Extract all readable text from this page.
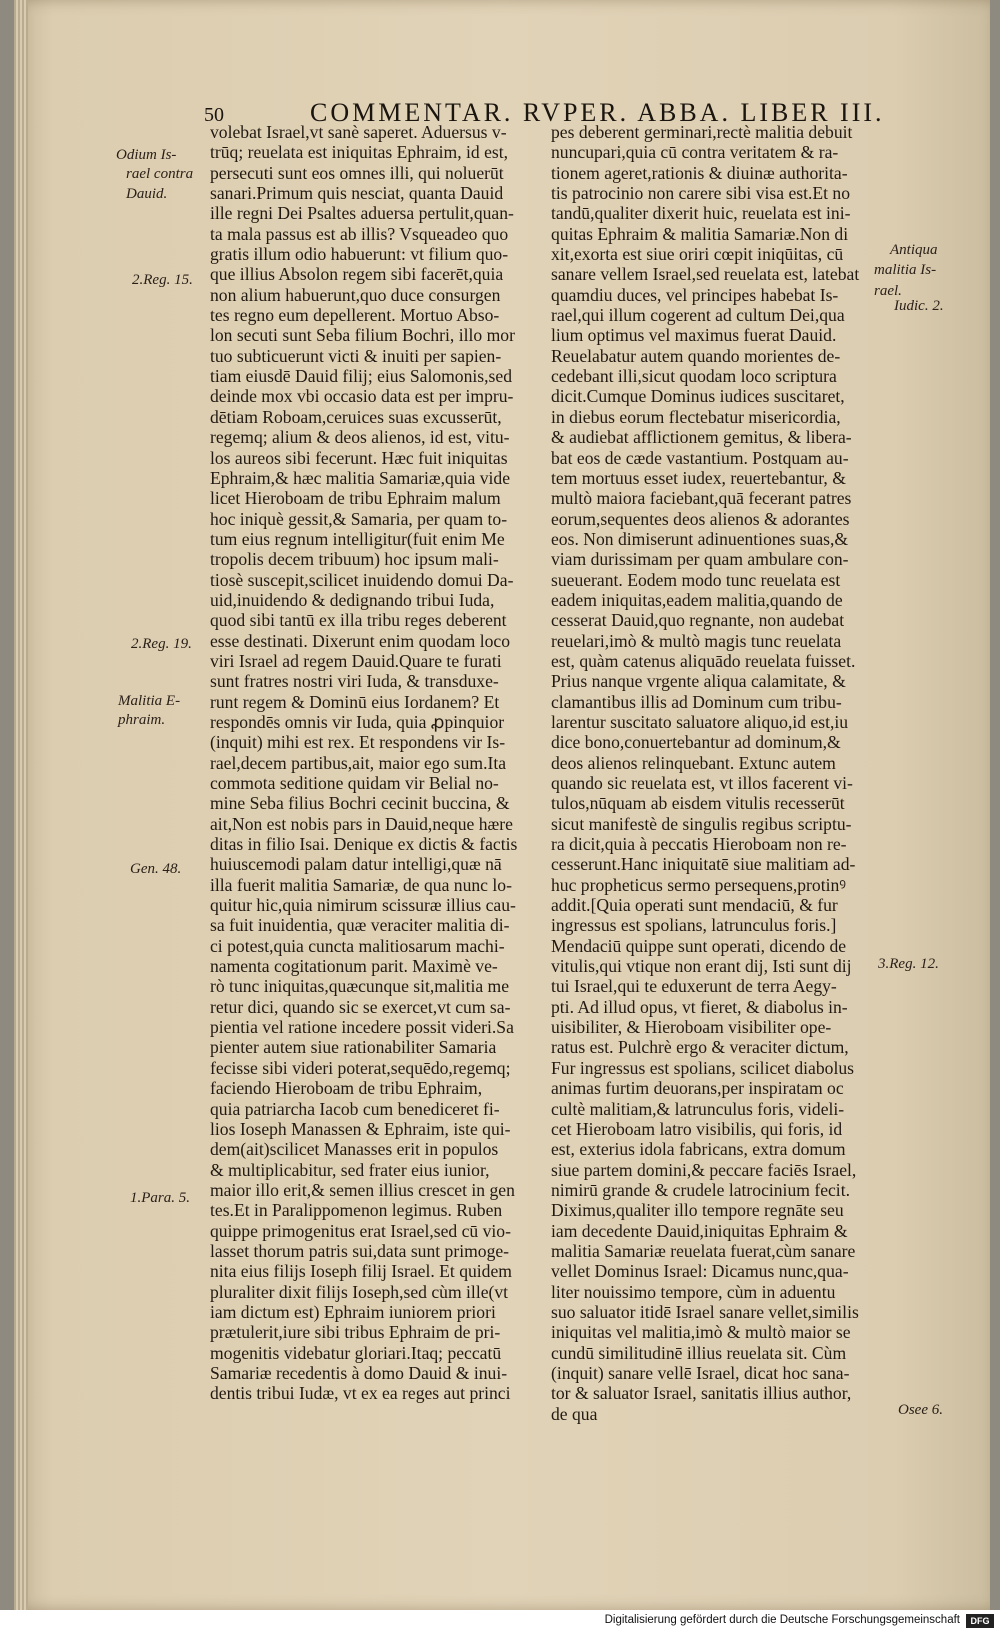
50	COMMENTAR. RVPER. ABBA. LIBER III.
volebat Israel,vt sanè saperet. Aduersus v-
trūq; reuelata est iniquitas Ephraim, id est,
persecuti sunt eos omnes illi, qui noluerūt
sanari.Primum quis nesciat, quanta Dauid
ille regni Dei Psaltes aduersa pertulit,quan-
ta mala passus est ab illis? Vsqueadeo quo
gratis illum odio habuerunt: vt filium quo-
que illius Absolon regem sibi facerēt,quia
non alium habuerunt,quo duce consurgen
tes regno eum depellerent. Mortuo Abso-
lon secuti sunt Seba filium Bochri, illo mor
tuo subticuerunt victi & inuiti per sapien-
tiam eiusdē Dauid filij; eius Salomonis,sed
deinde mox vbi occasio data est per impru-
dētiam Roboam,ceruices suas excusserūt,
regemq; alium & deos alienos, id est, vitu-
los aureos sibi fecerunt. Hæc fuit iniquitas
Ephraim,& hæc malitia Samariæ,quia vide
licet Hieroboam de tribu Ephraim malum
hoc iniquè gessit,& Samaria, per quam to-
tum eius regnum intelligitur(fuit enim Me
tropolis decem tribuum) hoc ipsum mali-
tiosè suscepit,scilicet inuidendo domui Da-
uid,inuidendo & dedignando tribui Iuda,
quod sibi tantū ex illa tribu reges deberent
esse destinati. Dixerunt enim quodam loco
viri Israel ad regem Dauid.Quare te furati
sunt fratres nostri viri Iuda, & transduxe-
runt regem & Dominū eius Iordanem? Et
respondēs omnis vir Iuda, quia ꝓpinquior
(inquit) mihi est rex. Et respondens vir Is-
rael,decem partibus,ait, maior ego sum.Ita
commota seditione quidam vir Belial no-
mine Seba filius Bochri cecinit buccina, &
ait,Non est nobis pars in Dauid,neque hære
ditas in filio Isai. Denique ex dictis & factis
huiuscemodi palam datur intelligi,quæ nā
illa fuerit malitia Samariæ, de qua nunc lo-
quitur hic,quia nimirum scissuræ illius cau-
sa fuit inuidentia, quæ veraciter malitia di-
ci potest,quia cuncta malitiosarum machi-
namenta cogitationum parit. Maximè ve-
rò tunc iniquitas,quæcunque sit,malitia me
retur dici, quando sic se exercet,vt cum sa-
pientia vel ratione incedere possit videri.Sa
pienter autem siue rationabiliter Samaria
fecisse sibi videri poterat,sequēdo,regemq;
faciendo Hieroboam de tribu Ephraim,
quia patriarcha Iacob cum benediceret fi-
lios Ioseph Manassen & Ephraim, iste qui-
dem(ait)scilicet Manasses erit in populos
& multiplicabitur, sed frater eius iunior,
maior illo erit,& semen illius crescet in gen
tes.Et in Paralippomenon legimus. Ruben
quippe primogenitus erat Israel,sed cū vio-
lasset thorum patris sui,data sunt primoge-
nita eius filijs Ioseph filij Israel. Et quidem
pluraliter dixit filijs Ioseph,sed cùm ille(vt
iam dictum est) Ephraim iuniorem priori
prætulerit,iure sibi tribus Ephraim de pri-
mogenitis videbatur gloriari.Itaq; peccatū
Samariæ recedentis à domo Dauid & inui-
dentis tribui Iudæ, vt ex ea reges aut princi
pes deberent germinari,rectè malitia debuit
nuncupari,quia cū contra veritatem & ra-
tionem ageret,rationis & diuinæ authorita-
tis patrocinio non carere sibi visa est.Et no
tandū,qualiter dixerit huic, reuelata est ini-
quitas Ephraim & malitia Samariæ.Non di
xit,exorta est siue oriri cœpit iniqūitas, cū
sanare vellem Israel,sed reuelata est, latebat
quamdiu duces, vel principes habebat Is-
rael,qui illum cogerent ad cultum Dei,qua
lium optimus vel maximus fuerat Dauid.
Reuelabatur autem quando morientes de-
cedebant illi,sicut quodam loco scriptura
dicit.Cumque Dominus iudices suscitaret,
in diebus eorum flectebatur misericordia,
& audiebat afflictionem gemitus, & libera-
bat eos de cæde vastantium. Postquam au-
tem mortuus esset iudex, reuertebantur, &
multò maiora faciebant,quā fecerant patres
eorum,sequentes deos alienos & adorantes
eos. Non dimiserunt adinuentiones suas,&
viam durissimam per quam ambulare con-
sueuerant. Eodem modo tunc reuelata est
eadem iniquitas,eadem malitia,quando de
cesserat Dauid,quo regnante, non audebat
reuelari,imò & multò magis tunc reuelata
est, quàm catenus aliquādo reuelata fuisset.
Prius nanque vrgente aliqua calamitate, &
clamantibus illis ad Dominum cum tribu-
larentur suscitato saluatore aliquo,id est,iu
dice bono,conuertebantur ad dominum,&
deos alienos relinquebant. Extunc autem
quando sic reuelata est, vt illos facerent vi-
tulos,nūquam ab eisdem vitulis recesserūt
sicut manifestè de singulis regibus scriptu-
ra dicit,quia à peccatis Hieroboam non re-
cesserunt.Hanc iniquitatē siue malitiam ad-
huc propheticus sermo persequens,protinꝰ
addit.[Quia operati sunt mendaciū, & fur
ingressus est spolians, latrunculus foris.]
Mendaciū quippe sunt operati, dicendo de
vitulis,qui vtique non erant dij, Isti sunt dij
tui Israel,qui te eduxerunt de terra Aegy-
pti. Ad illud opus, vt fieret, & diabolus in-
uisibiliter, & Hieroboam visibiliter ope-
ratus est. Pulchrè ergo & veraciter dictum,
Fur ingressus est spolians, scilicet diabolus
animas furtim deuorans,per inspiratam oc
cultè malitiam,& latrunculus foris, videli-
cet Hieroboam latro visibilis, qui foris, id
est, exterius idola fabricans, extra domum
siue partem domini,& peccare faciēs Israel,
nimirū grande & crudele latrocinium fecit.
Diximus,qualiter illo tempore regnāte seu
iam decedente Dauid,iniquitas Ephraim &
malitia Samariæ reuelata fuerat,cùm sanare
vellet Dominus Israel: Dicamus nunc,qua-
liter nouissimo tempore, cùm in aduentu
suo saluator itidē Israel sanare vellet,similis
iniquitas vel malitia,imò & multò maior se
cundū similitudinē illius reuelata sit. Cùm
(inquit) sanare vellē Israel, dicat hoc sana-
tor & saluator Israel, sanitatis illius author,
de qua
Odium Is-
rael contra
Dauid.
2.Reg. 15.
2.Reg. 19.
Malitia E-
phraim.
Gen. 48.
1.Para. 5.
Antiqua
malitia Is-
rael.
Iudic. 2.
3.Reg. 12.
Osee 6.
Digitalisierung gefördert durch die Deutsche Forschungsgemeinschaft	DFG
